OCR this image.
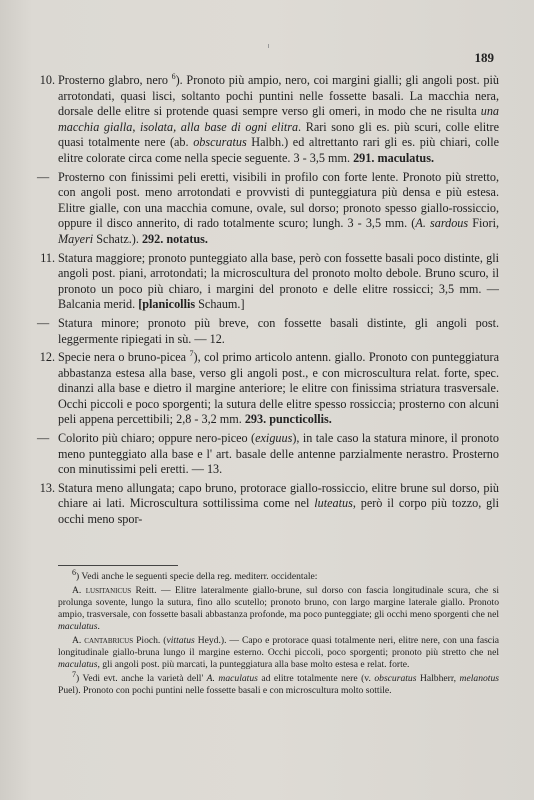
189
10. Prosterno glabro, nero $^6$). Pronoto più ampio, nero, coi margini gialli; gli angoli post. più arrotondati, quasi lisci, soltanto pochi puntini nelle fossette basali. La macchia nera, dorsale delle elitre si protende quasi sempre verso gli omeri, in modo che ne risulta una macchia gialla, isolata, alla base di ogni elitra. Rari sono gli es. più scuri, colle elitre quasi totalmente nere (ab. obscuratus Halbh.) ed altrettanto rari gli es. più chiari, colle elitre colorate circa come nella specie seguente. 3 - 3,5 mm. 291. maculatus.
— Prosterno con finissimi peli eretti, visibili in profilo con forte lente. Pronoto più stretto, con angoli post. meno arrotondati e provvisti di punteggiatura più densa e più estesa. Elitre gialle, con una macchia comune, ovale, sul dorso; pronoto spesso giallo-rossiccio, oppure il disco annerito, di rado totalmente scuro; lungh. 3 - 3,5 mm. (A. sardous Fiori, Mayeri Schatz.). 292. notatus.
11. Statura maggiore; pronoto punteggiato alla base, però con fossette basali poco distinte, gli angoli post. piani, arrotondati; la microscultura del pronoto molto debole. Bruno scuro, il pronoto un poco più chiaro, i margini del pronoto e delle elitre rossicci; 3,5 mm. — Balcania merid. [planicollis Schaum.]
— Statura minore; pronoto più breve, con fossette basali distinte, gli angoli post. leggermente ripiegati in sù. — 12.
12. Specie nera o bruno-picea $^7$), col primo articolo antenn. giallo. Pronoto con punteggiatura abbastanza estesa alla base, verso gli angoli post., e con microscultura relat. forte, spec. dinanzi alla base e dietro il margine anteriore; le elitre con finissima striatura trasversale. Occhi piccoli e poco sporgenti; la sutura delle elitre spesso rossiccia; prosterno con alcuni peli appena percettibili; 2,8 - 3,2 mm. 293. puncticollis.
— Colorito più chiaro; oppure nero-piceo (exiguus), in tale caso la statura minore, il pronoto meno punteggiato alla base e l' art. basale delle antenne parzialmente nerastro. Prosterno con minutissimi peli eretti. — 13.
13. Statura meno allungata; capo bruno, protorace giallo-rossiccio, elitre brune sul dorso, più chiare ai lati. Microscultura sottilissima come nel luteatus, però il corpo più tozzo, gli occhi meno spor-

$^6$) Vedi anche le seguenti specie della reg. mediterr. occidentale:

A. lusitanicus Reitt. — Elitre lateralmente giallo-brune, sul dorso con fascia longitudinale scura, che si prolunga sovente, lungo la sutura, fino allo scutello; pronoto bruno, con largo margine laterale giallo. Pronoto ampio, trasversale, con fossette basali abbastanza profonde, ma poco punteggiate; gli occhi meno sporgenti che nel maculatus.

A. cantabricus Pioch. (vittatus Heyd.). — Capo e protorace quasi totalmente neri, elitre nere, con una fascia longitudinale giallo-bruna lungo il margine esterno. Occhi piccoli, poco sporgenti; pronoto più stretto che nel maculatus, gli angoli post. più marcati, la punteggiatura alla base molto estesa e relat. forte.

$^7$) Vedi evt. anche la varietà dell' A. maculatus ad elitre totalmente nere (v. obscuratus Halbherr, melanotus Puel). Pronoto con pochi puntini nelle fossette basali e con microscultura molto sottile.
